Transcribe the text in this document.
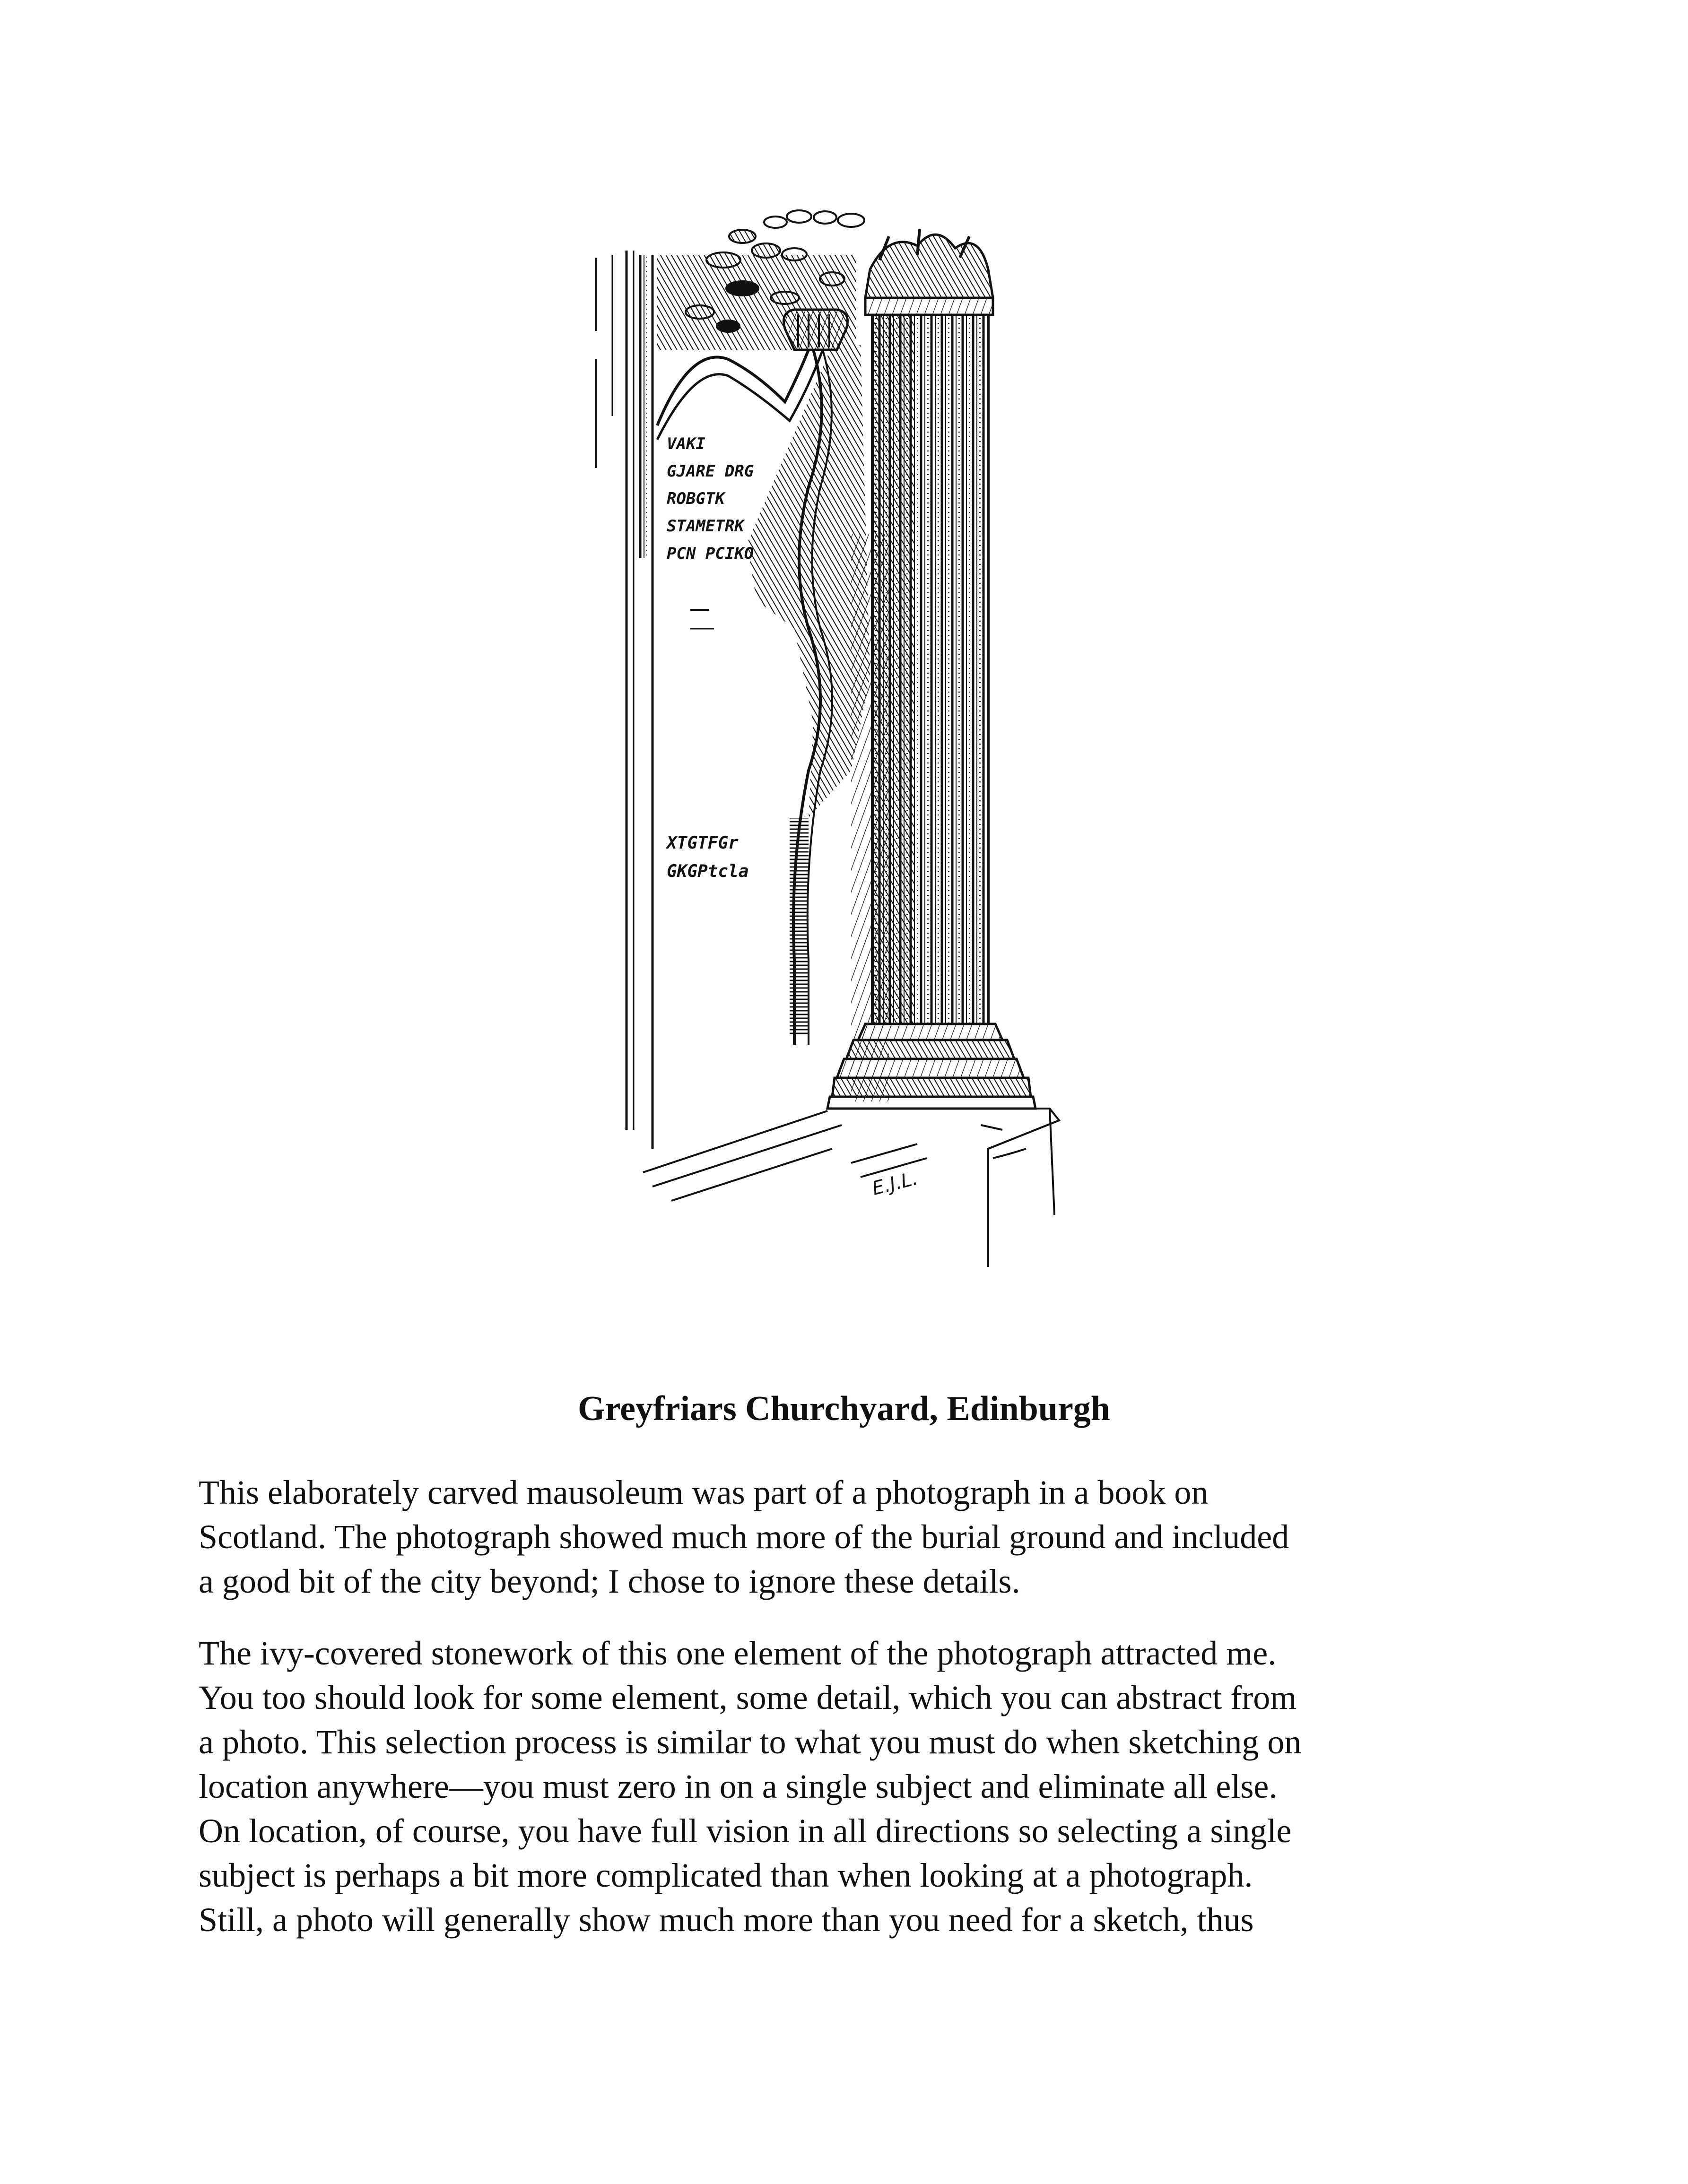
VAKI
GJARE DRG
ROBGTK
STAMETRK
PCN PCIKO
XTGTFGr
GKGPtcla
E.J.L.
Greyfriars Churchyard, Edinburgh
This elaborately carved mausoleum was part of a photograph in a book on
Scotland. The photograph showed much more of the burial ground and included
a good bit of the city beyond; I chose to ignore these details.
The ivy-covered stonework of this one element of the photograph attracted me.
You too should look for some element, some detail, which you can abstract from
a photo. This selection process is similar to what you must do when sketching on
location anywhere—you must zero in on a single subject and eliminate all else.
On location, of course, you have full vision in all directions so selecting a single
subject is perhaps a bit more complicated than when looking at a photograph.
Still, a photo will generally show much more than you need for a sketch, thus
